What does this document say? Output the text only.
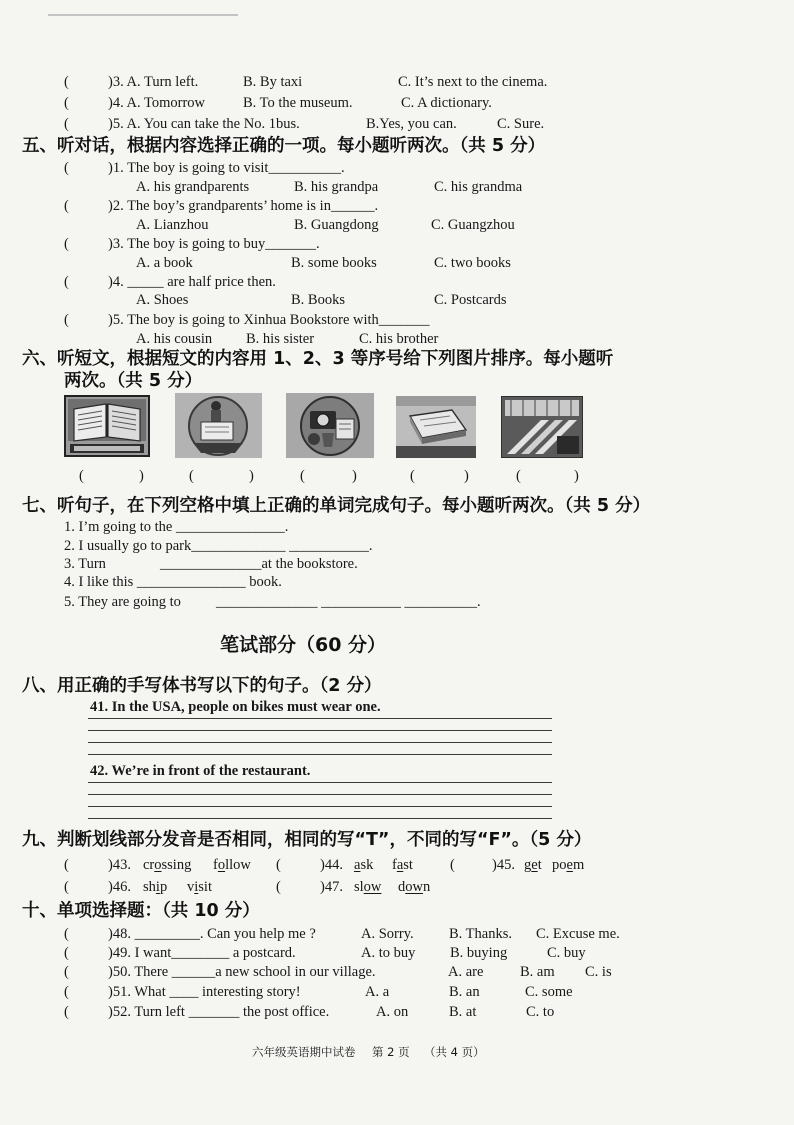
(	)3. A. Turn left.	B. By taxi	C. It’s next to the cinema.
(	)4. A. Tomorrow	B. To the museum.	C. A dictionary.
(	)5. A. You can take the No. 1bus.	B.Yes, you can.	C. Sure.
五、听对话，根据内容选择正确的一项。每小题听两次。（共 5 分）
(	)1. The boy is going to visit__________.
A. his grandparents	B. his grandpa	C. his grandma
(	)2. The boy’s grandparents’ home is in______.
A. Lianzhou	B. Guangdong	C. Guangzhou
(	)3. The boy is going to buy_______.
A. a book	B. some books	C. two books
(	)4. _____ are half price then.
A. Shoes	B. Books	C. Postcards
(	)5. The boy is going to Xinhua Bookstore with_______
A. his cousin B. his sister	C. his brother
六、听短文，根据短文的内容用 1、2、3 等序号给下列图片排序。每小题听
两次。（共 5 分）
(	)	(	)	(	)	(	)	(	)
七、听句子，在下列空格中填上正确的单词完成句子。每小题听两次。（共 5 分）
1. I’m going to the _______________.
2. I usually go to park_____________ ___________.
3. Turn	______________at the bookstore.
4. I like this _______________ book.
5. They are going to ______________ ___________ __________.
笔试部分（60 分）
八、用正确的手写体书写以下的句子。（2 分）
41. In the USA, people on bikes must wear one.
42. We’re in front of the restaurant.
九、判断划线部分发音是否相同，相同的写“T”，不同的写“F”。（5 分）
(	)43. crossing follow (	)44. ask fast	(	)45. get poem
(	)46. ship visit	(	)47. slow down
十、单项选择题：（共 10 分）
(	)48. _________. Can you help me ?	A. Sorry. B. Thanks. C. Excuse me.
(	)49. I want________ a postcard.	A. to buy B. buying	C. buy
(	)50. There ______a new school in our village.	A. are	B. am C. is
(	)51. What ____ interesting story!	A. a	B. an	C. some
(	)52. Turn left _______ the post office.	A. on	B. at	C. to
六年级英语期中试卷 第 2 页 （共 4 页）
